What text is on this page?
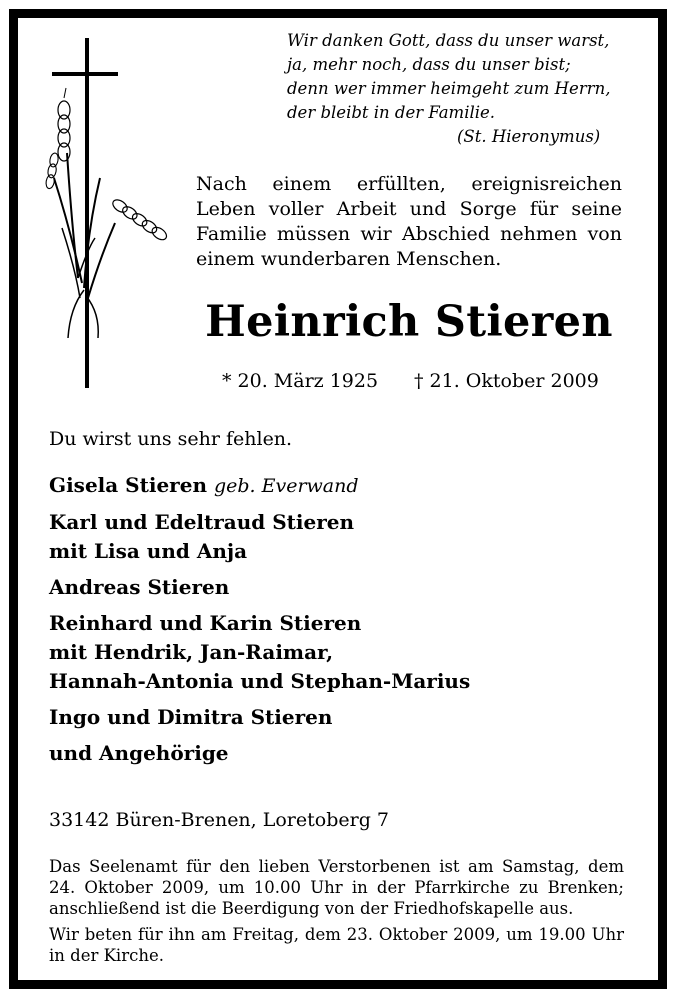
Wir danken Gott, dass du unser warst,
ja, mehr noch, dass du unser bist;
denn wer immer heimgeht zum Herrn,
der bleibt in der Familie.
(St. Hieronymus)
Nach einem erfüllten, ereignisreichen Leben voller Arbeit und Sorge für seine Familie müssen wir Abschied nehmen von einem wunderbaren Menschen.
Heinrich Stieren
* 20. März 1925 † 21. Oktober 2009
Du wirst uns sehr fehlen.
Gisela Stieren geb. Everwand
Karl und Edeltraud Stieren
mit Lisa und Anja
Andreas Stieren
Reinhard und Karin Stieren
mit Hendrik, Jan-Raimar,
Hannah-Antonia und Stephan-Marius
Ingo und Dimitra Stieren
und Angehörige
33142 Büren-Brenen, Loretoberg 7

Das Seelenamt für den lieben Verstorbenen ist am Samstag, dem 24. Oktober 2009, um 10.00 Uhr in der Pfarrkirche zu Brenken; anschließend ist die Beerdigung von der Friedhofskapelle aus.

Wir beten für ihn am Freitag, dem 23. Oktober 2009, um 19.00 Uhr in der Kirche.
